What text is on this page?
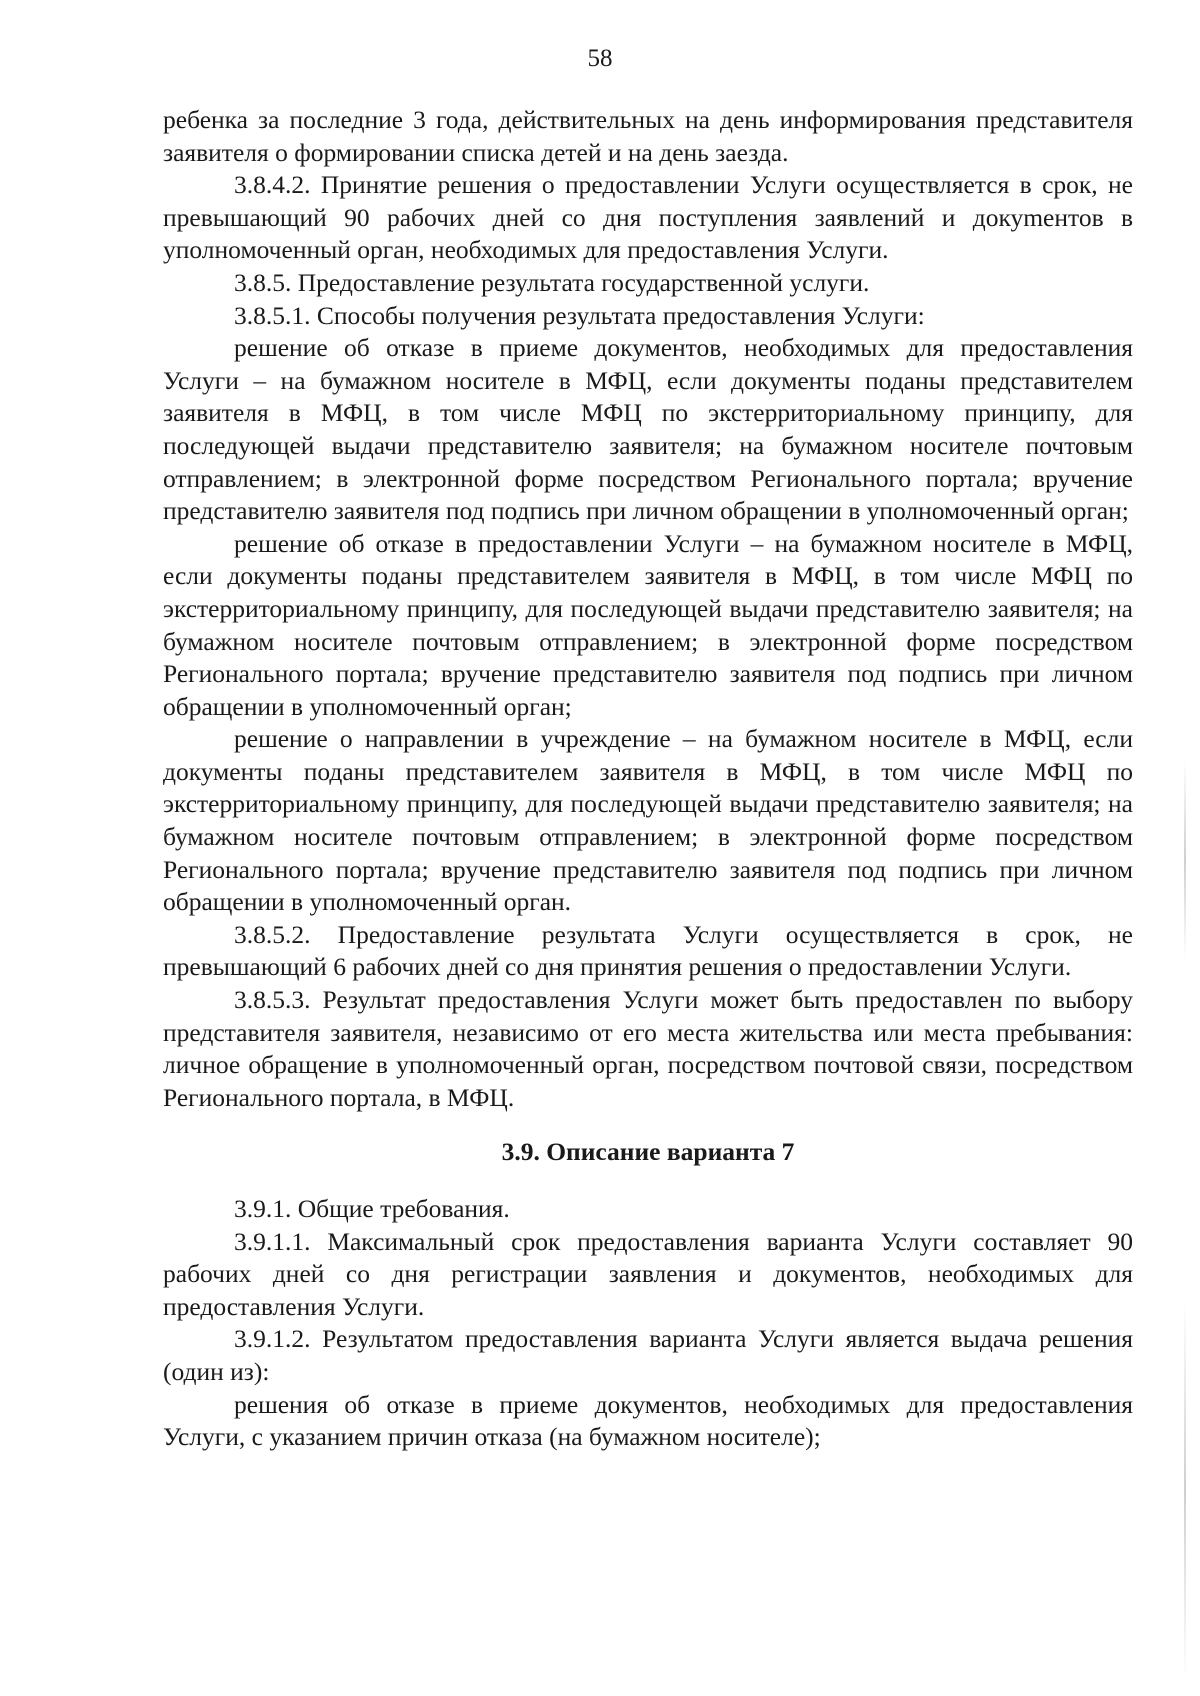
58

ребенка за последние 3 года, действительных на день информирования представителя заявителя о формировании списка детей и на день заезда.

3.8.4.2. Принятие решения о предоставлении Услуги осуществляется в срок, не превышающий 90 рабочих дней со дня поступления заявлений и докуmентов в уполномоченный орган, необходимых для предоставления Услуги.

3.8.5. Предоставление результата государственной услуги.

3.8.5.1. Способы получения результата предоставления Услуги:

решение об отказе в приеме документов, необходимых для предоставления Услуги – на бумажном носителе в МФЦ, если документы поданы представителем заявителя в МФЦ, в том числе МФЦ по экстерриториальному принципу, для последующей выдачи представителю заявителя; на бумажном носителе почтовым отправлением; в электронной форме посредством Регионального портала; вручение представителю заявителя под подпись при личном обращении в уполномоченный орган;

решение об отказе в предоставлении Услуги – на бумажном носителе в МФЦ, если документы поданы представителем заявителя в МФЦ, в том числе МФЦ по экстерриториальному принципу, для последующей выдачи представителю заявителя; на бумажном носителе почтовым отправлением; в электронной форме посредством Регионального портала; вручение представителю заявителя под подпись при личном обращении в уполномоченный орган;

решение о направлении в учреждение – на бумажном носителе в МФЦ, если документы поданы представителем заявителя в МФЦ, в том числе МФЦ по экстерриториальному принципу, для последующей выдачи представителю заявителя; на бумажном носителе почтовым отправлением; в электронной форме посредством Регионального портала; вручение представителю заявителя под подпись при личном обращении в уполномоченный орган.

3.8.5.2. Предоставление результата Услуги осуществляется в срок, не превышающий 6 рабочих дней со дня принятия решения о предоставлении Услуги.

3.8.5.3. Результат предоставления Услуги может быть предоставлен по выбору представителя заявителя, независимо от его места жительства или места пребывания: личное обращение в уполномоченный орган, посредством почтовой связи, посредством Регионального портала, в МФЦ.

3.9. Описание варианта 7

3.9.1. Общие требования.

3.9.1.1. Максимальный срок предоставления варианта Услуги составляет 90 рабочих дней со дня регистрации заявления и документов, необходимых для предоставления Услуги.

3.9.1.2. Результатом предоставления варианта Услуги является выдача решения (один из):

решения об отказе в приеме документов, необходимых для предоставления Услуги, с указанием причин отказа (на бумажном носителе);
